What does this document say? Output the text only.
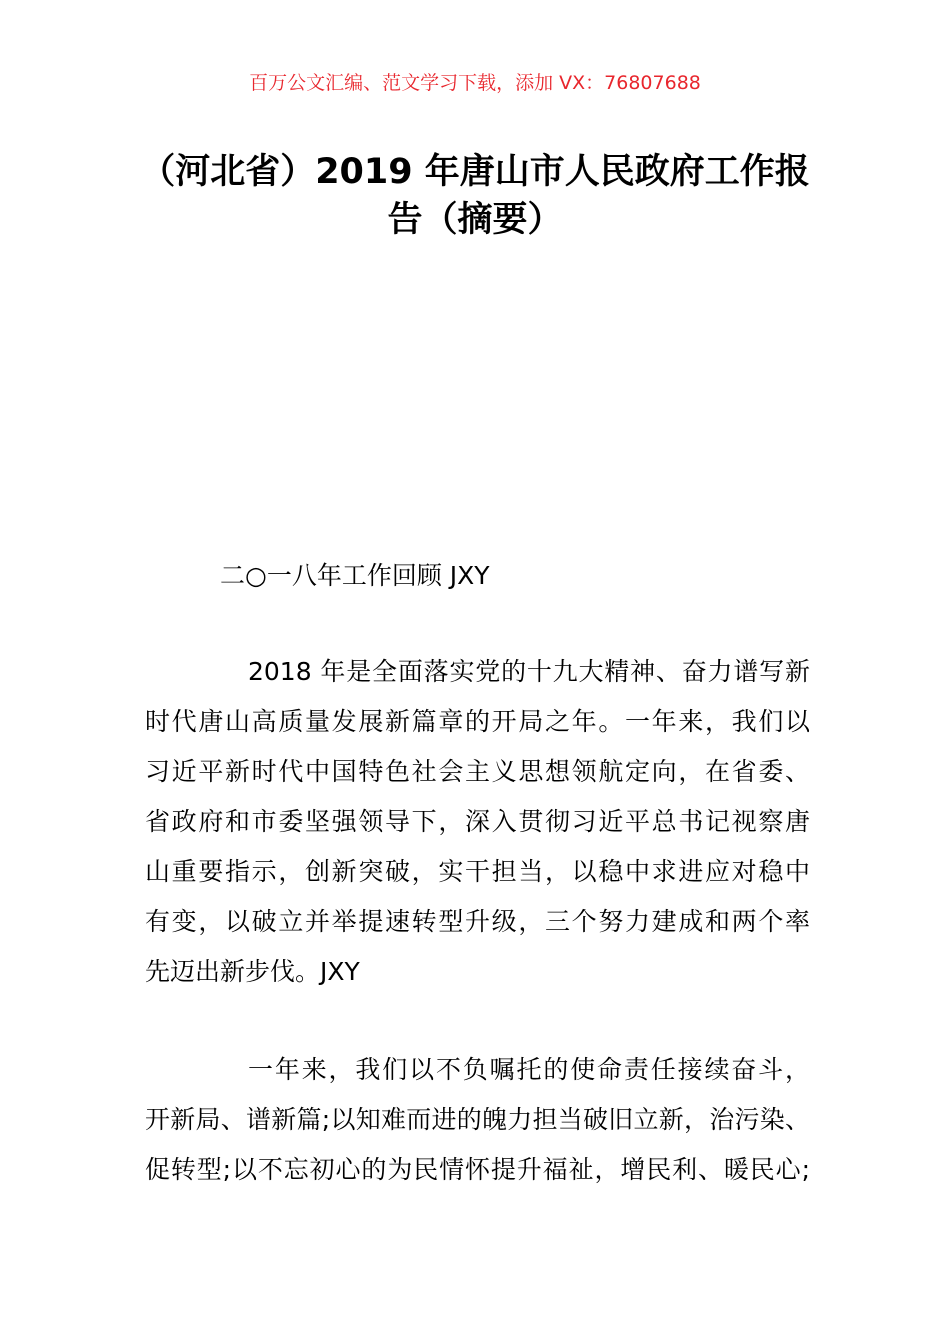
百万公文汇编、范文学习下载，添加 VX：76807688
（河北省）2019 年唐山市人民政府工作报
告（摘要）
二○一八年工作回顾 JXY
2018 年是全面落实党的十九大精神、奋力谱写新
时代唐山高质量发展新篇章的开局之年。一年来，我们以
习近平新时代中国特色社会主义思想领航定向，在省委、
省政府和市委坚强领导下，深入贯彻习近平总书记视察唐
山重要指示，创新突破，实干担当，以稳中求进应对稳中
有变，以破立并举提速转型升级，三个努力建成和两个率
先迈出新步伐。JXY
一年来，我们以不负嘱托的使命责任接续奋斗，
开新局、谱新篇;以知难而进的魄力担当破旧立新，治污染、
促转型;以不忘初心的为民情怀提升福祉，增民利、暖民心;
